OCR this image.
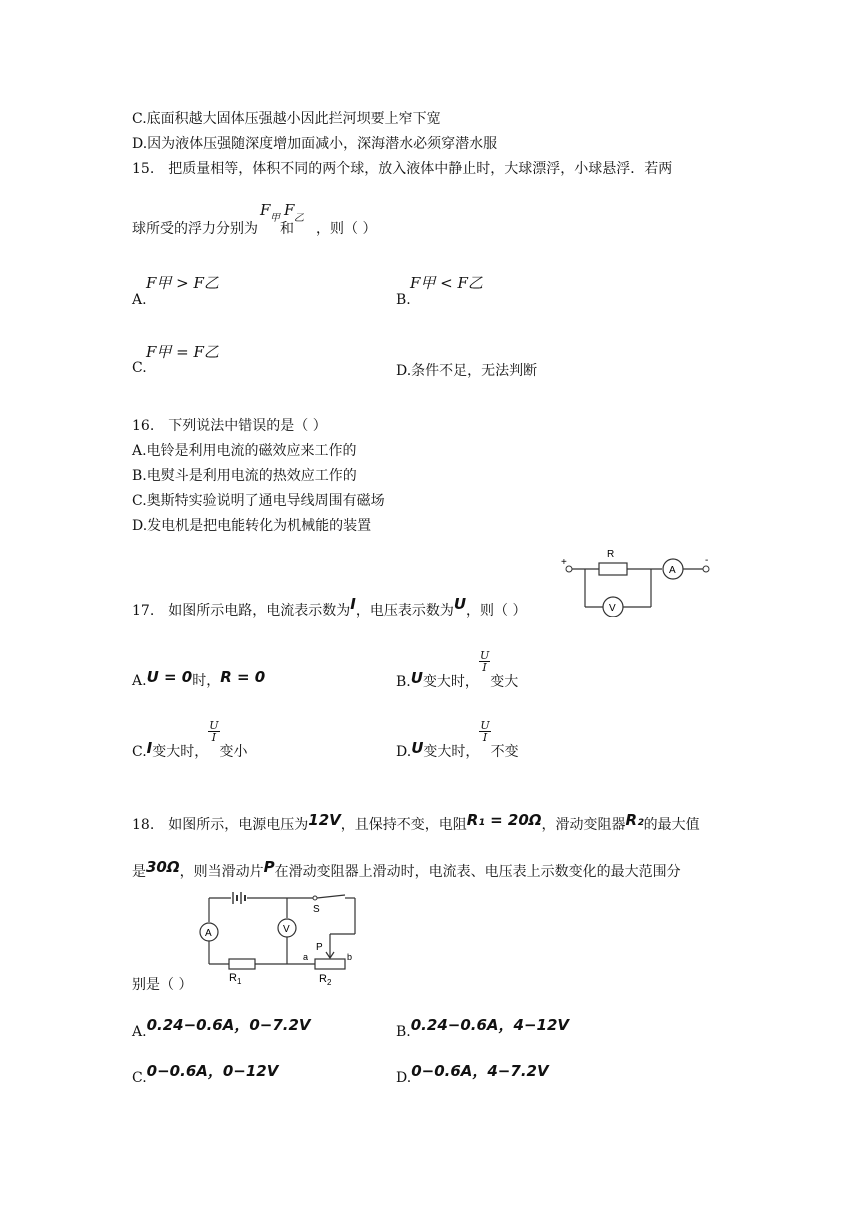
C.底面积越大固体压强越小因此拦河坝要上窄下宽
D.因为液体压强随深度增加面减小，深海潜水必须穿潜水服
15.　把质量相等，体积不同的两个球，放入液体中静止时，大球漂浮，小球悬浮．若两
球所受的浮力分别为
F 甲
和
F 乙
，则（ ）
A.
F甲 > F乙
B.
F甲 < F乙
C.
F甲 = F乙
D.条件不足，无法判断
16.　下列说法中错误的是（ ）
A.电铃是利用电流的磁效应来工作的
B.电熨斗是利用电流的热效应工作的
C.奥斯特实验说明了通电导线周围有磁场
D.发电机是把电能转化为机械能的装置
+
R
A
-
V
17.　如图所示电路，电流表示数为I，电压表示数为U，则（ ）
A.U = 0时，R = 0	B.U变大时，
$\frac{U}{I}$
变大
C.I变大时，
$\frac{U}{I}$
变小	D.U变大时，
$\frac{U}{I}$
不变
18.　如图所示，电源电压为12V，且保持不变，电阻R₁ = 20Ω，滑动变阻器R₂的最大值
是30Ω，则当滑动片P在滑动变阻器上滑动时，电流表、电压表上示数变化的最大范围分
S
A
$R_1$
V
a	b
P
$R_2$
别是（ ）
A.0.24−0.6A，0−7.2V	B.0.24−0.6A，4−12V
C.0−0.6A，0−12V	D.0−0.6A，4−7.2V
